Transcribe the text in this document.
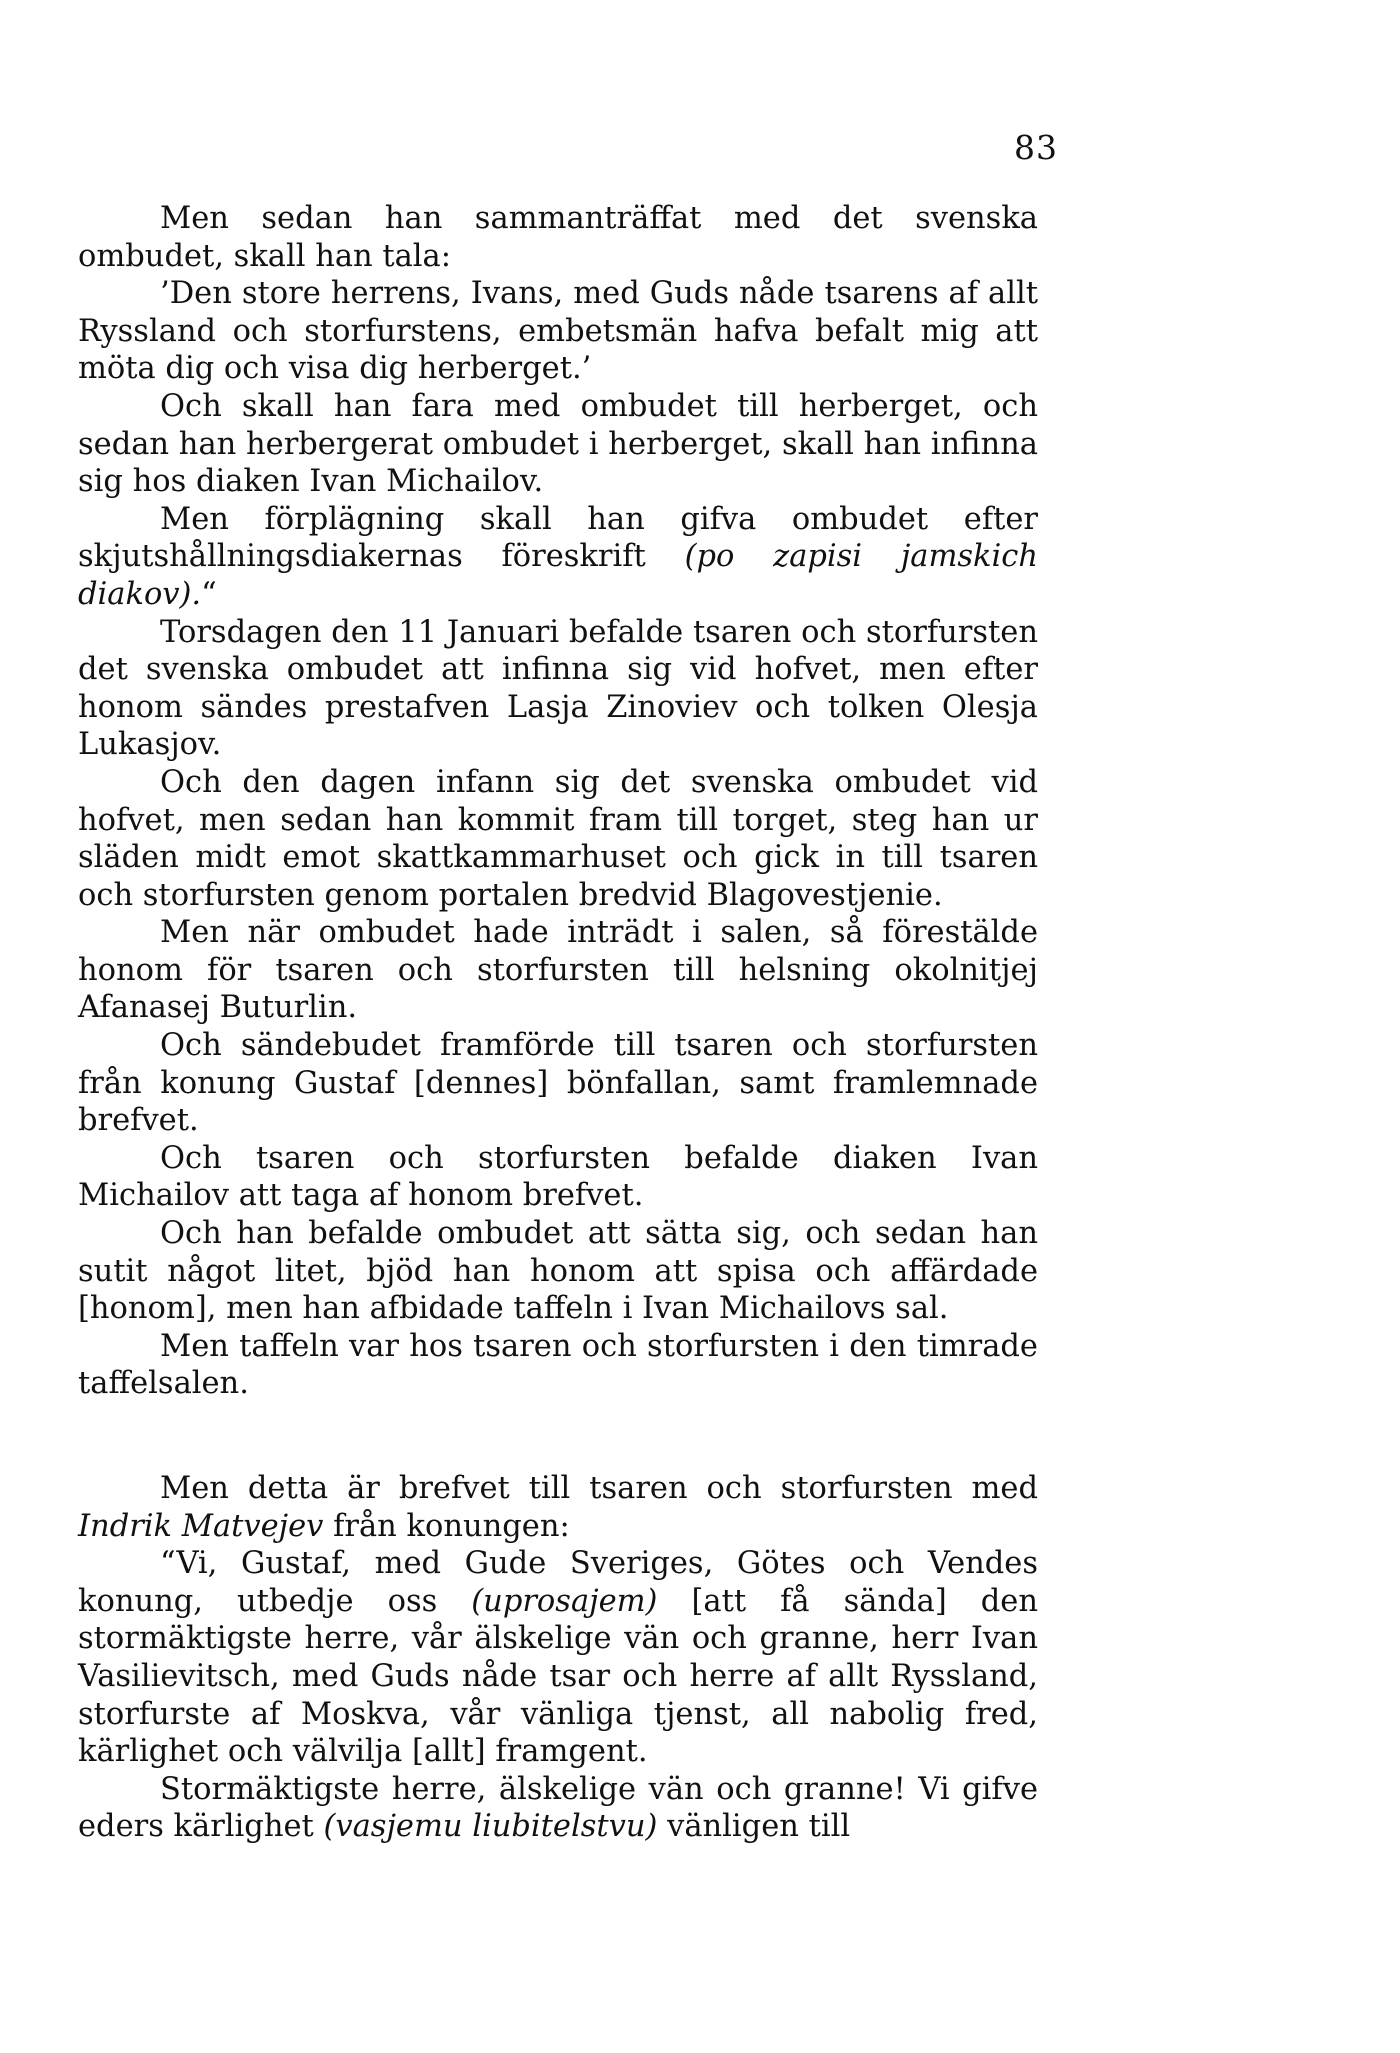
83

Men sedan han sammanträffat med det svenska ombudet, skall han tala:

’Den store herrens, Ivans, med Guds nåde tsarens af allt Ryssland och storfurstens, embetsmän hafva befalt mig att möta dig och visa dig herberget.’

Och skall han fara med ombudet till herberget, och sedan han herbergerat ombudet i herberget, skall han infinna sig hos diaken Ivan Michailov.

Men förplägning skall han gifva ombudet efter skjutshållningsdiakernas föreskrift (po zapisi jamskich diakov).“

Torsdagen den 11 Januari befalde tsaren och storfursten det svenska ombudet att infinna sig vid hofvet, men efter honom sändes prestafven Lasja Zinoviev och tolken Olesja Lukasjov.

Och den dagen infann sig det svenska ombudet vid hofvet, men sedan han kommit fram till torget, steg han ur släden midt emot skattkammarhuset och gick in till tsaren och storfursten genom portalen bredvid Blagovestjenie.

Men när ombudet hade inträdt i salen, så förestälde honom för tsaren och storfursten till helsning okolnitjej Afanasej Buturlin.

Och sändebudet framförde till tsaren och storfursten från konung Gustaf [dennes] bönfallan, samt framlemnade brefvet.

Och tsaren och storfursten befalde diaken Ivan Michailov att taga af honom brefvet.

Och han befalde ombudet att sätta sig, och sedan han sutit något litet, bjöd han honom att spisa och affärdade [honom], men han afbidade taffeln i Ivan Michailovs sal.

Men taffeln var hos tsaren och storfursten i den timrade taffelsalen.

Men detta är brefvet till tsaren och storfursten med Indrik Matvejev från konungen:

“Vi, Gustaf, med Gude Sveriges, Götes och Vendes konung, utbedje oss (uprosajem) [att få sända] den stormäktigste herre, vår älskelige vän och granne, herr Ivan Vasilievitsch, med Guds nåde tsar och herre af allt Ryssland, storfurste af Moskva, vår vänliga tjenst, all nabolig fred, kärlighet och välvilja [allt] framgent.

Stormäktigste herre, älskelige vän och granne! Vi gifve eders kärlighet (vasjemu liubitelstvu) vänligen till
